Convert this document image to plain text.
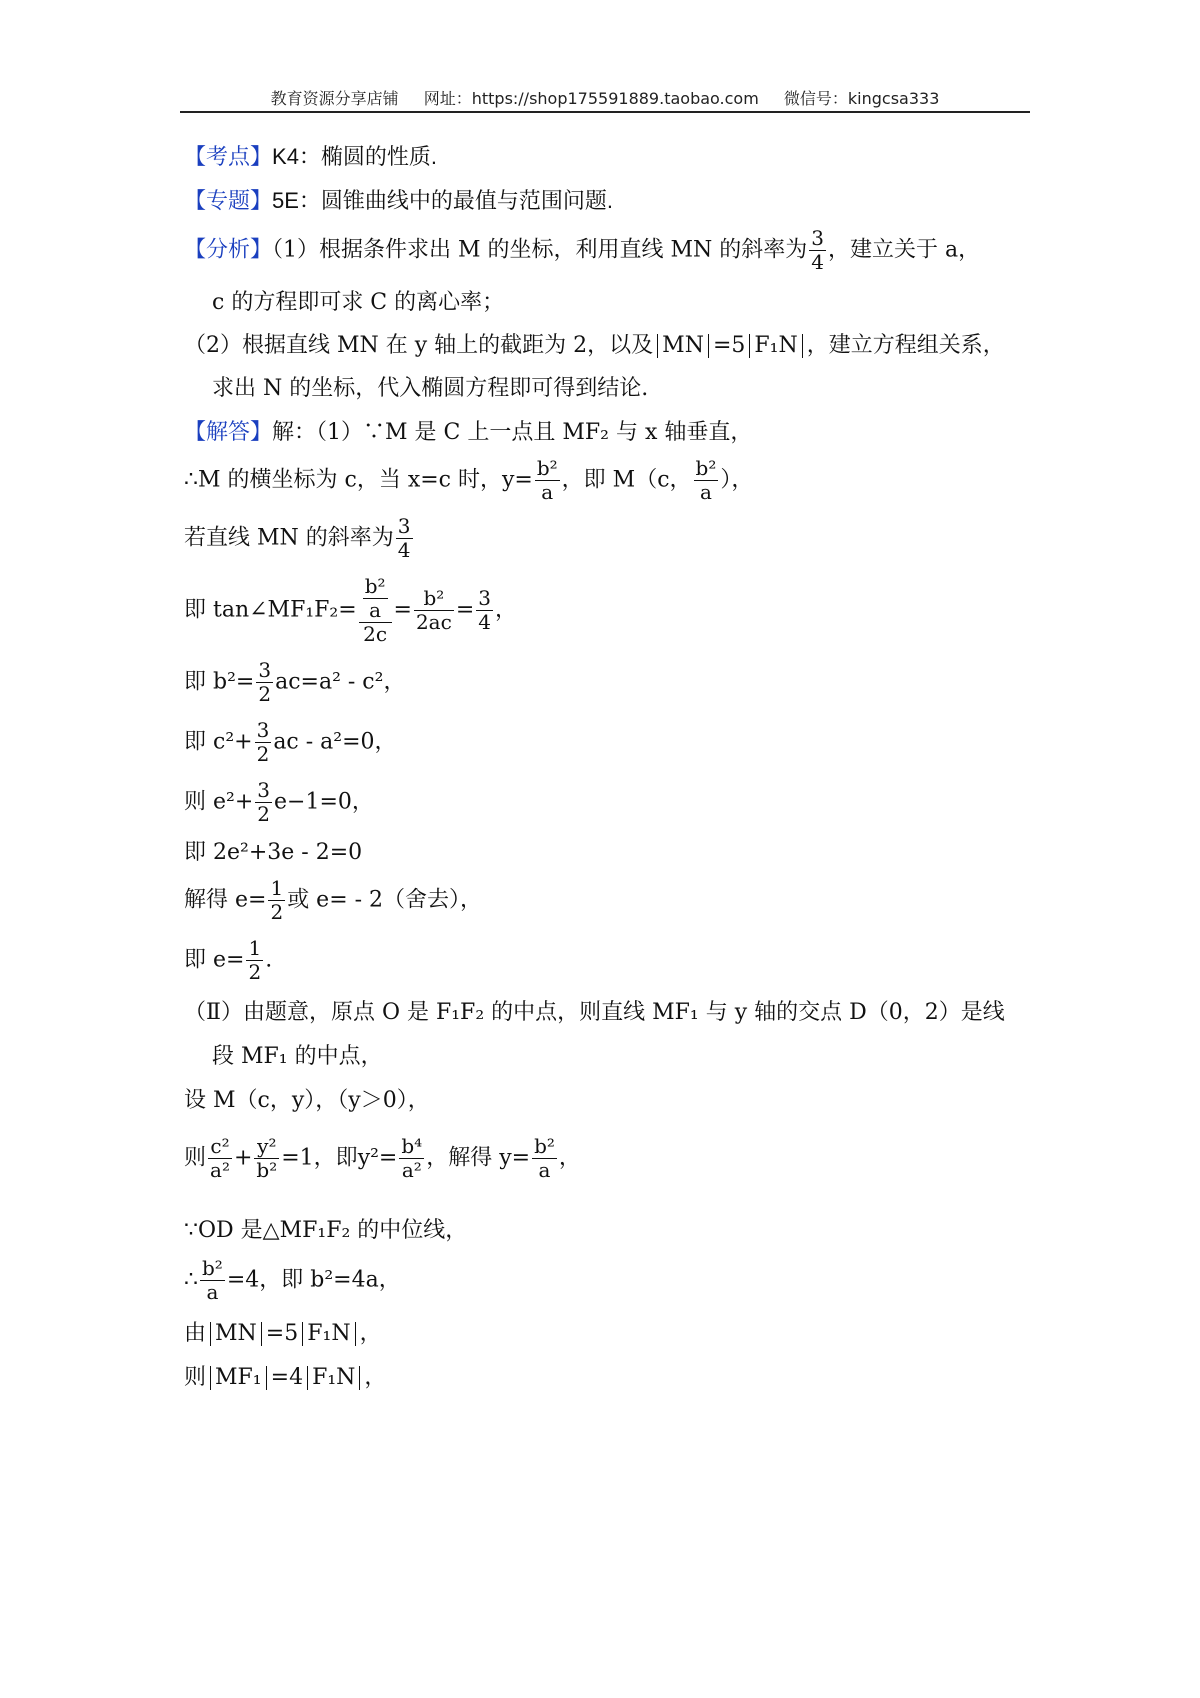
教育资源分享店铺 网址：https://shop175591889.taobao.com 微信号：kingcsa333
【考点】K4：椭圆的性质.
【专题】5E：圆锥曲线中的最值与范围问题.
【分析】（1）根据条件求出 M 的坐标，利用直线 MN 的斜率为 $\frac{3}{4}$ ，建立关于 a，
c 的方程即可求 C 的离心率；
（2）根据直线 MN 在 y 轴上的截距为 2，以及 MN =5 F₁N ，建立方程组关系，
求出 N 的坐标，代入椭圆方程即可得到结论.
【解答】解：（1）∵M 是 C 上一点且 MF₂ 与 x 轴垂直，
∴M 的横坐标为 c，当 x=c 时，$y= \frac{\text{b²}}{a}$ ，即 M（c， $\frac{\text{b²}}{a}$ ），
若直线 MN 的斜率为 $\frac{3}{4}$
即 tan∠MF₁F₂= $\frac{\frac{\text{b²}}{a}}{2c} = \frac{\text{b²}}{2ac} = \frac{3}{4}$ ，
即 $b^2= \frac{3}{2} ac=a^2 - c^2$，
即 $c^2+ \frac{3}{2}$ ac - a²=0，
则 $e^2+ \frac{3}{2} e-1=0$，
即 2e²+3e - 2=0
解得 $e= \frac{1}{2}$ 或 e= - 2（舍去），
即 $e= \frac{1}{2}$ .
（Ⅱ）由题意，原点 O 是 F₁F₂ 的中点，则直线 MF₁ 与 y 轴的交点 D（0，2）是线
段 MF₁ 的中点，
设 M（c，y），（y＞0），
则 $\frac{\text{c²}}{\text{a²}} + \frac{\text{y²}}{\text{b²}} =1$，即$y^2= \frac{\text{b⁴}}{\text{a²}}$ ，解得 $y= \frac{\text{b²}}{a}$ ，
∵OD 是△MF₁F₂ 的中位线，
∴ $\frac{\text{b²}}{a} =4$，即 b²=4a，
由 MN =5 F₁N ，
则 MF₁ =4 F₁N ，
